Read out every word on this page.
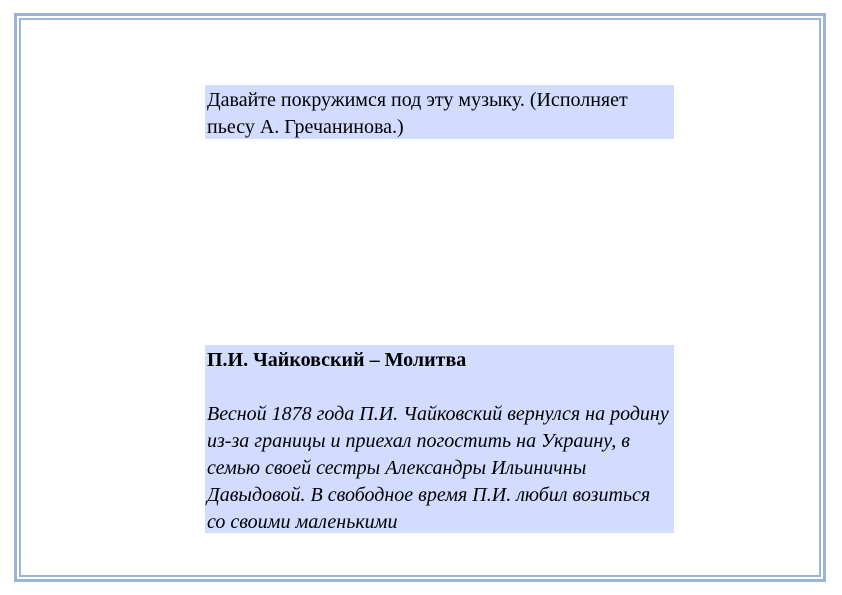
Давайте покружимся под эту музыку. (Исполняет пьесу А. Гречанинова.)
П.И. Чайковский – Молитва
Весной 1878 года П.И. Чайковский вернулся на родину из-за границы и приехал погостить на Украину, в семью своей сестры Александры Ильиничны Давыдовой. В свободное время П.И. любил возиться со своими маленькими
